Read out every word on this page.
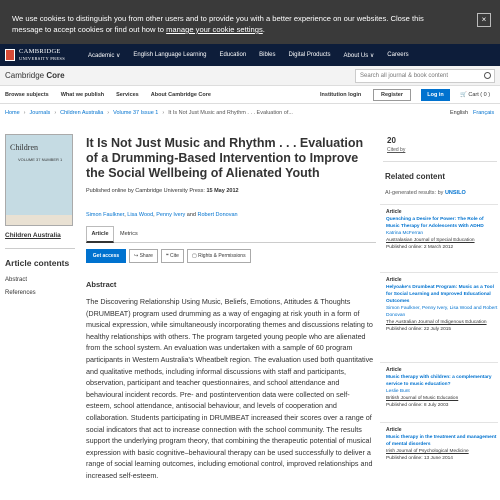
We use cookies to distinguish you from other users and to provide you with a better experience on our websites. Close this message to accept cookies or find out how to manage your cookie settings.
×
CAMBRIDGE
UNIVERSITY PRESS	Academic ∨ English Language Learning Education Bibles Digital Products About Us ∨ Careers
Cambridge Core	Search all journal & book content
Browse subjects What we publish Services About Cambridge Core	Institution login	Register	Log in	🛒 Cart ( 0 )
Home › Journals › Children Australia › Volume 37 Issue 1 › It Is Not Just Music and Rhythm . . . Evaluation of...	English Français
Children
VOLUME 37 NUMBER 1
Children Australia
Article contents
Abstract
References
It Is Not Just Music and Rhythm . . . Evaluation of a Drumming-Based Intervention to Improve the Social Wellbeing of Alienated Youth
Published online by Cambridge University Press: 15 May 2012
Simon Faulkner, Lisa Wood, Penny Ivery and Robert Donovan
Article	Metrics
Get access	↪ Share	❝ Cite	▢ Rights & Permissions
Abstract
The Discovering Relationship Using Music, Beliefs, Emotions, Attitudes & Thoughts (DRUMBEAT) program used drumming as a way of engaging at risk youth in a form of musical expression, while simultaneously incorporating themes and discussions relating to healthy relationships with others. The program targeted young people who are alienated from the school system. An evaluation was undertaken with a sample of 60 program participants in Western Australia's Wheatbelt region. The evaluation used both quantitative and qualitative methods, including informal discussions with staff and participants, observation, participant and teacher questionnaires, and school attendance and behavioural incident records. Pre- and postintervention data were collected on self-esteem, school attendance, antisocial behaviour, and levels of cooperation and collaboration. Students participating in DRUMBEAT increased their scores over a range of social indicators that act to increase connection with the school community. The results support the underlying program theory, that combining the therapeutic potential of musical expression with basic cognitive–behavioural therapy can be used successfully to deliver a range of social learning outcomes, including emotional control, improved relationships and increased self-esteem.
20
Cited by
Related content
AI-generated results: by UNSILO
Article
Quenching a Desire for Power: The Role of Music Therapy for Adolescents With ADHD
Katrina McFerran
Australasian Journal of Special Education
Published online: 2 March 2012
Article
Helyoake's Drumbeat Program: Music as a Tool for Social Learning and Improved Educational Outcomes
Simon Faulkner, Penny Ivery, Lisa Wood and Robert Donovan
The Australian Journal of Indigenous Education
Published online: 22 July 2015
Article
Music therapy with children: a complementary service to music education?
Leslie Bunt
British Journal of Music Education
Published online: 8 July 2003
Article
Music therapy in the treatment and management of mental disorders
Irish Journal of Psychological Medicine
Published online: 13 June 2014
